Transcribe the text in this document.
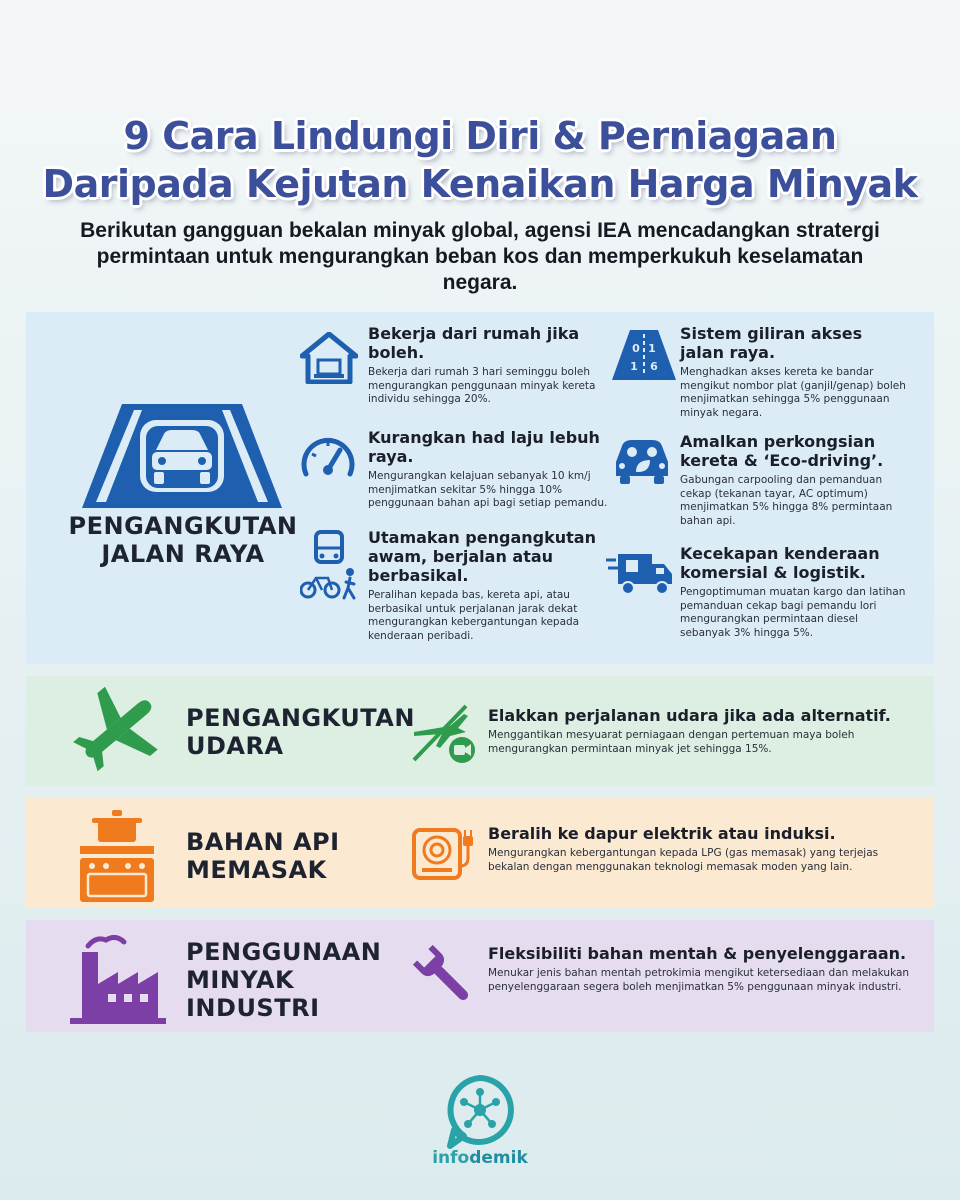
9 Cara Lindungi Diri & Perniagaan
Daripada Kejutan Kenaikan Harga Minyak
Berikutan gangguan bekalan minyak global, agensi IEA mencadangkan stratergi permintaan untuk mengurangkan beban kos dan memperkukuh keselamatan negara.
PENGANGKUTAN
JALAN RAYA
Bekerja dari rumah jika boleh.

Bekerja dari rumah 3 hari seminggu boleh mengurangkan penggunaan minyak kereta individu sehingga 20%.

Kurangkan had laju lebuh raya.

Mengurangkan kelajuan sebanyak 10 km/j menjimatkan sekitar 5% hingga 10% penggunaan bahan api bagi setiap pemandu.

Utamakan pengangkutan awam, berjalan atau berbasikal.

Peralihan kepada bas, kereta api, atau berbasikal untuk perjalanan jarak dekat mengurangkan kebergantungan kepada kenderaan peribadi.

0 1
1 6
Sistem giliran akses jalan raya.

Menghadkan akses kereta ke bandar mengikut nombor plat (ganjil/genap) boleh menjimatkan sehingga 5% penggunaan minyak negara.

Amalkan perkongsian kereta & ‘Eco-driving’.

Gabungan carpooling dan pemanduan cekap (tekanan tayar, AC optimum) menjimatkan 5% hingga 8% permintaan bahan api.

Kecekapan kenderaan komersial & logistik.

Pengoptimuman muatan kargo dan latihan pemanduan cekap bagi pemandu lori mengurangkan permintaan diesel sebanyak 3% hingga 5%.

PENGANGKUTAN
UDARA
Elakkan perjalanan udara jika ada alternatif.

Menggantikan mesyuarat perniagaan dengan pertemuan maya boleh mengurangkan permintaan minyak jet sehingga 15%.

BAHAN API
MEMASAK
Beralih ke dapur elektrik atau induksi.

Mengurangkan kebergantungan kepada LPG (gas memasak) yang terjejas bekalan dengan menggunakan teknologi memasak moden yang lain.

PENGGUNAAN
MINYAK
INDUSTRI
Fleksibiliti bahan mentah & penyelenggaraan.

Menukar jenis bahan mentah petrokimia mengikut ketersediaan dan melakukan penyelenggaraan segera boleh menjimatkan 5% penggunaan minyak industri.

infodemik
